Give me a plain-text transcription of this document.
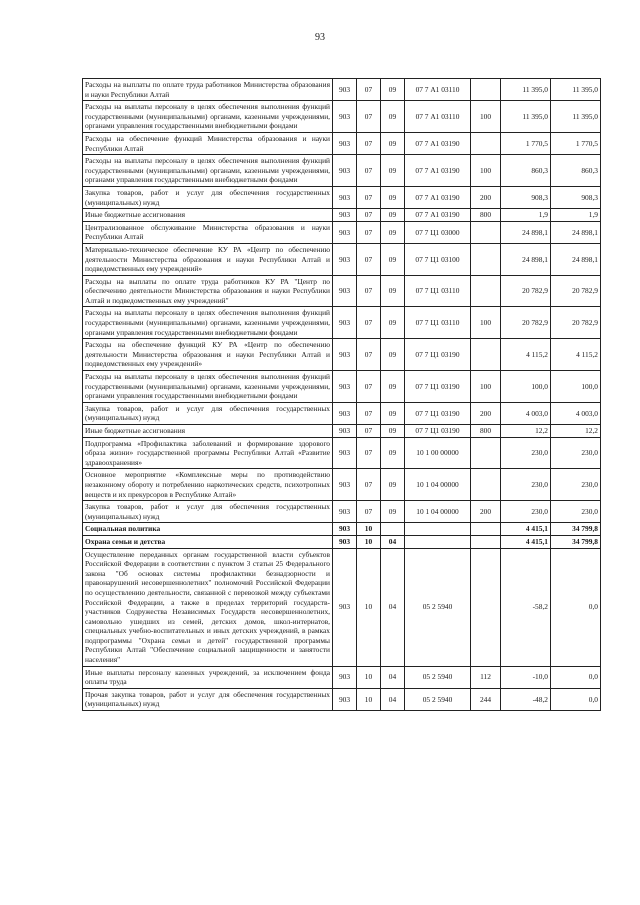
93
Расходы на выплаты по оплате труда работников Министерства образования и науки Республики Алтай	903	07	09	07 7 А1 03110		11 395,0	11 395,0
Расходы на выплаты персоналу в целях обеспечения выполнения функций государственными (муниципальными) органами, казенными учреждениями, органами управления государственными внебюджетными фондами	903	07	09	07 7 А1 03110	100	11 395,0	11 395,0
Расходы на обеспечение функций Министерства образования и науки Республики Алтай	903	07	09	07 7 А1 03190		1 770,5	1 770,5
Расходы на выплаты персоналу в целях обеспечения выполнения функций государственными (муниципальными) органами, казенными учреждениями, органами управления государственными внебюджетными фондами	903	07	09	07 7 А1 03190	100	860,3	860,3
Закупка товаров, работ и услуг для обеспечения государственных (муниципальных) нужд	903	07	09	07 7 А1 03190	200	908,3	908,3
Иные бюджетные ассигнования	903	07	09	07 7 А1 03190	800	1,9	1,9
Централизованное обслуживание Министерства образования и науки Республики Алтай	903	07	09	07 7 Ц1 03000		24 898,1	24 898,1
Материально-техническое обеспечение КУ РА «Центр по обеспечению деятельности Министерства образования и науки Республики Алтай и подведомственных ему учреждений»	903	07	09	07 7 Ц1 03100		24 898,1	24 898,1
Расходы на выплаты по оплате труда работников КУ РА "Центр по обеспечению деятельности Министерства образования и науки Республики Алтай и подведомственных ему учреждений"	903	07	09	07 7 Ц1 03110		20 782,9	20 782,9
Расходы на выплаты персоналу в целях обеспечения выполнения функций государственными (муниципальными) органами, казенными учреждениями, органами управления государственными внебюджетными фондами	903	07	09	07 7 Ц1 03110	100	20 782,9	20 782,9
Расходы на обеспечение функций КУ РА «Центр по обеспечению деятельности Министерства образования и науки Республики Алтай и подведомственных ему учреждений»	903	07	09	07 7 Ц1 03190		4 115,2	4 115,2
Расходы на выплаты персоналу в целях обеспечения выполнения функций государственными (муниципальными) органами, казенными учреждениями, органами управления государственными внебюджетными фондами	903	07	09	07 7 Ц1 03190	100	100,0	100,0
Закупка товаров, работ и услуг для обеспечения государственных (муниципальных) нужд	903	07	09	07 7 Ц1 03190	200	4 003,0	4 003,0
Иные бюджетные ассигнования	903	07	09	07 7 Ц1 03190	800	12,2	12,2
Подпрограмма «Профилактика заболеваний и формирование здорового образа жизни» государственной программы Республики Алтай «Развитие здравоохранения»	903	07	09	10 1 00 00000		230,0	230,0
Основное мероприятие «Комплексные меры по противодействию незаконному обороту и потреблению наркотических средств, психотропных веществ и их прекурсоров в Республике Алтай»	903	07	09	10 1 04 00000		230,0	230,0
Закупка товаров, работ и услуг для обеспечения государственных (муниципальных) нужд	903	07	09	10 1 04 00000	200	230,0	230,0
Социальная политика	903	10				4 415,1	34 799,8
Охрана семьи и детства	903	10	04			4 415,1	34 799,8
Осуществление переданных органам государственной власти субъектов Российской Федерации в соответствии с пунктом 3 статьи 25 Федерального закона "Об основах системы профилактики безнадзорности и правонарушений несовершеннолетних" полномочий Российской Федерации по осуществлению деятельности, связанной с перевозкой между субъектами Российской Федерации, а также в пределах территорий государств-участников Содружества Независимых Государств несовершеннолетних, самовольно ушедших из семей, детских домов, школ-интернатов, специальных учебно-воспитательных и иных детских учреждений, в рамках подпрограммы "Охрана семьи и детей" государственной программы Республики Алтай "Обеспечение социальной защищенности и занятости населения"	903	10	04	05 2 5940		-58,2	0,0
Иные выплаты персоналу казенных учреждений, за исключением фонда оплаты труда	903	10	04	05 2 5940	112	-10,0	0,0
Прочая закупка товаров, работ и услуг для обеспечения государственных (муниципальных) нужд	903	10	04	05 2 5940	244	-48,2	0,0
